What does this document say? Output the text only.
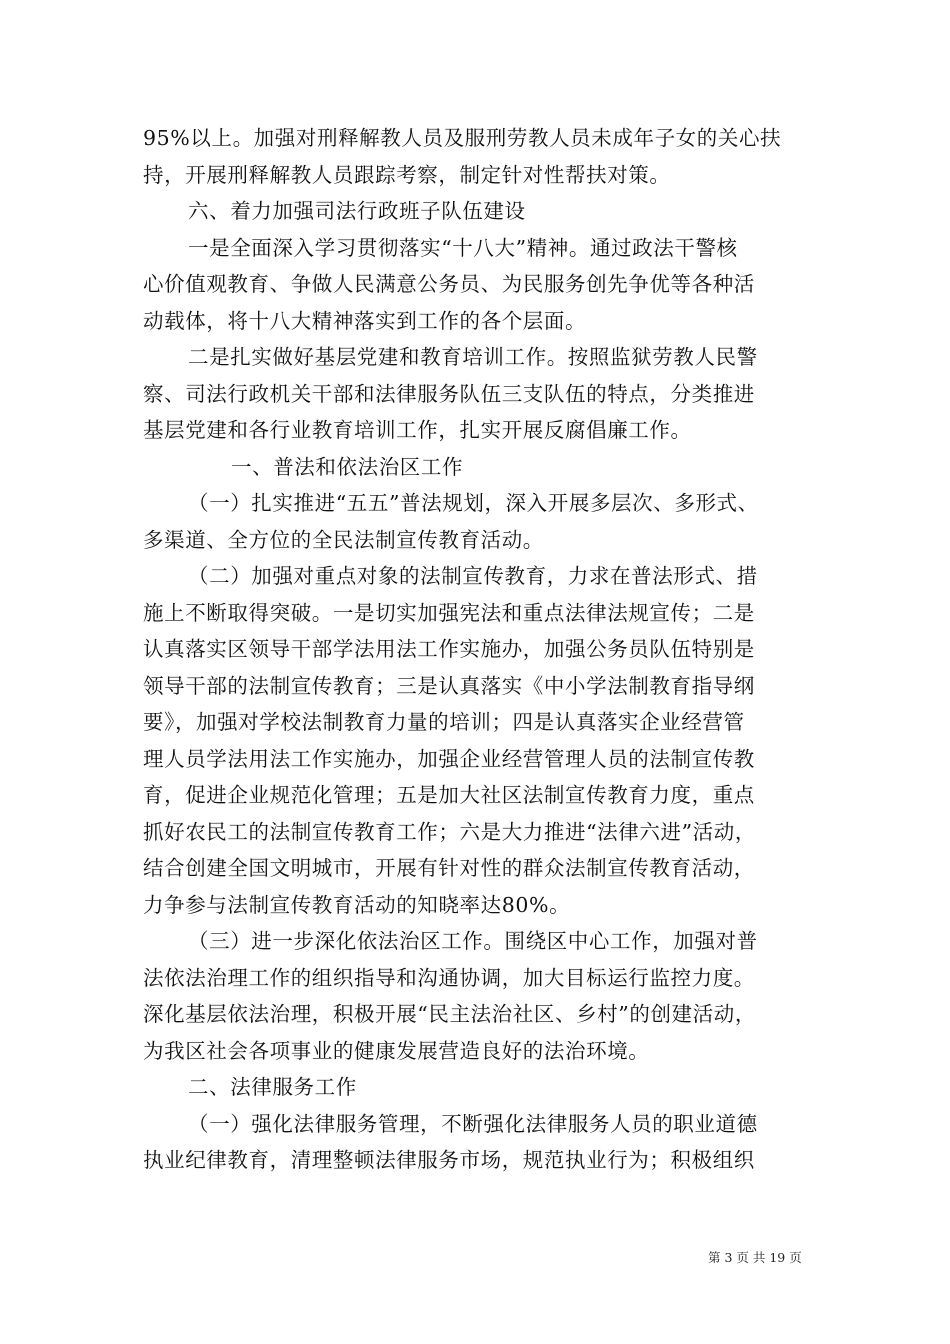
95%以上。加强对刑释解教人员及服刑劳教人员未成年子女的关心扶
持，开展刑释解教人员跟踪考察，制定针对性帮扶对策。
六、着力加强司法行政班子队伍建设
一是全面深入学习贯彻落实“十八大”精神。通过政法干警核
心价值观教育、争做人民满意公务员、为民服务创先争优等各种活
动载体，将十八大精神落实到工作的各个层面。
二是扎实做好基层党建和教育培训工作。按照监狱劳教人民警
察、司法行政机关干部和法律服务队伍三支队伍的特点，分类推进
基层党建和各行业教育培训工作，扎实开展反腐倡廉工作。
一、普法和依法治区工作
（一）扎实推进“五五”普法规划，深入开展多层次、多形式、
多渠道、全方位的全民法制宣传教育活动。
（二）加强对重点对象的法制宣传教育，力求在普法形式、措
施上不断取得突破。一是切实加强宪法和重点法律法规宣传；二是
认真落实区领导干部学法用法工作实施办，加强公务员队伍特别是
领导干部的法制宣传教育；三是认真落实《中小学法制教育指导纲
要》，加强对学校法制教育力量的培训；四是认真落实企业经营管
理人员学法用法工作实施办，加强企业经营管理人员的法制宣传教
育，促进企业规范化管理；五是加大社区法制宣传教育力度，重点
抓好农民工的法制宣传教育工作；六是大力推进“法律六进”活动，
结合创建全国文明城市，开展有针对性的群众法制宣传教育活动，
力争参与法制宣传教育活动的知晓率达80%。
（三）进一步深化依法治区工作。围绕区中心工作，加强对普
法依法治理工作的组织指导和沟通协调，加大目标运行监控力度。
深化基层依法治理，积极开展“民主法治社区、乡村”的创建活动，
为我区社会各项事业的健康发展营造良好的法治环境。
二、法律服务工作
（一）强化法律服务管理，不断强化法律服务人员的职业道德
执业纪律教育，清理整顿法律服务市场，规范执业行为；积极组织
第 3 页 共 19 页
